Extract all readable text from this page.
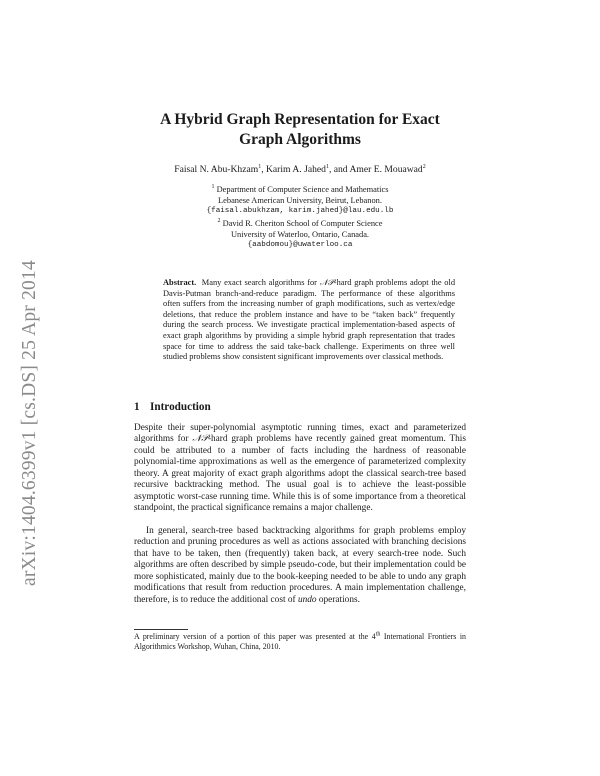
arXiv:1404.6399v1 [cs.DS] 25 Apr 2014
A Hybrid Graph Representation for Exact
Graph Algorithms
Faisal N. Abu-Khzam$^1$, Karim A. Jahed$^1$, and Amer E. Mouawad$^2$
$^1$ Department of Computer Science and Mathematics
Lebanese American University, Beirut, Lebanon.
{faisal.abukhzam, karim.jahed}@lau.edu.lb
$^2$ David R. Cheriton School of Computer Science
University of Waterloo, Ontario, Canada.
{aabdomou}@uwaterloo.ca
Abstract. Many exact search algorithms for 𝒩𝒫-hard graph problems adopt the old Davis-Putman branch-and-reduce paradigm. The performance of these algorithms often suffers from the increasing number of graph modifications, such as vertex/edge deletions, that reduce the problem instance and have to be “taken back” frequently during the search process. We investigate practical implementation-based aspects of exact graph algorithms by providing a simple hybrid graph representation that trades space for time to address the said take-back challenge. Experiments on three well studied problems show consistent significant improvements over classical methods.
1 Introduction
Despite their super-polynomial asymptotic running times, exact and parameterized algorithms for 𝒩𝒫-hard graph problems have recently gained great momentum. This could be attributed to a number of facts including the hardness of reasonable polynomial-time approximations as well as the emergence of parameterized complexity theory. A great majority of exact graph algorithms adopt the classical search-tree based recursive backtracking method. The usual goal is to achieve the least-possible asymptotic worst-case running time. While this is of some importance from a theoretical standpoint, the practical significance remains a major challenge.
In general, search-tree based backtracking algorithms for graph problems employ reduction and pruning procedures as well as actions associated with branching decisions that have to be taken, then (frequently) taken back, at every search-tree node. Such algorithms are often described by simple pseudo-code, but their implementation could be more sophisticated, mainly due to the book-keeping needed to be able to undo any graph modifications that result from reduction procedures. A main implementation challenge, therefore, is to reduce the additional cost of undo operations.
A preliminary version of a portion of this paper was presented at the 4th International Frontiers in Algorithmics Workshop, Wuhan, China, 2010.
